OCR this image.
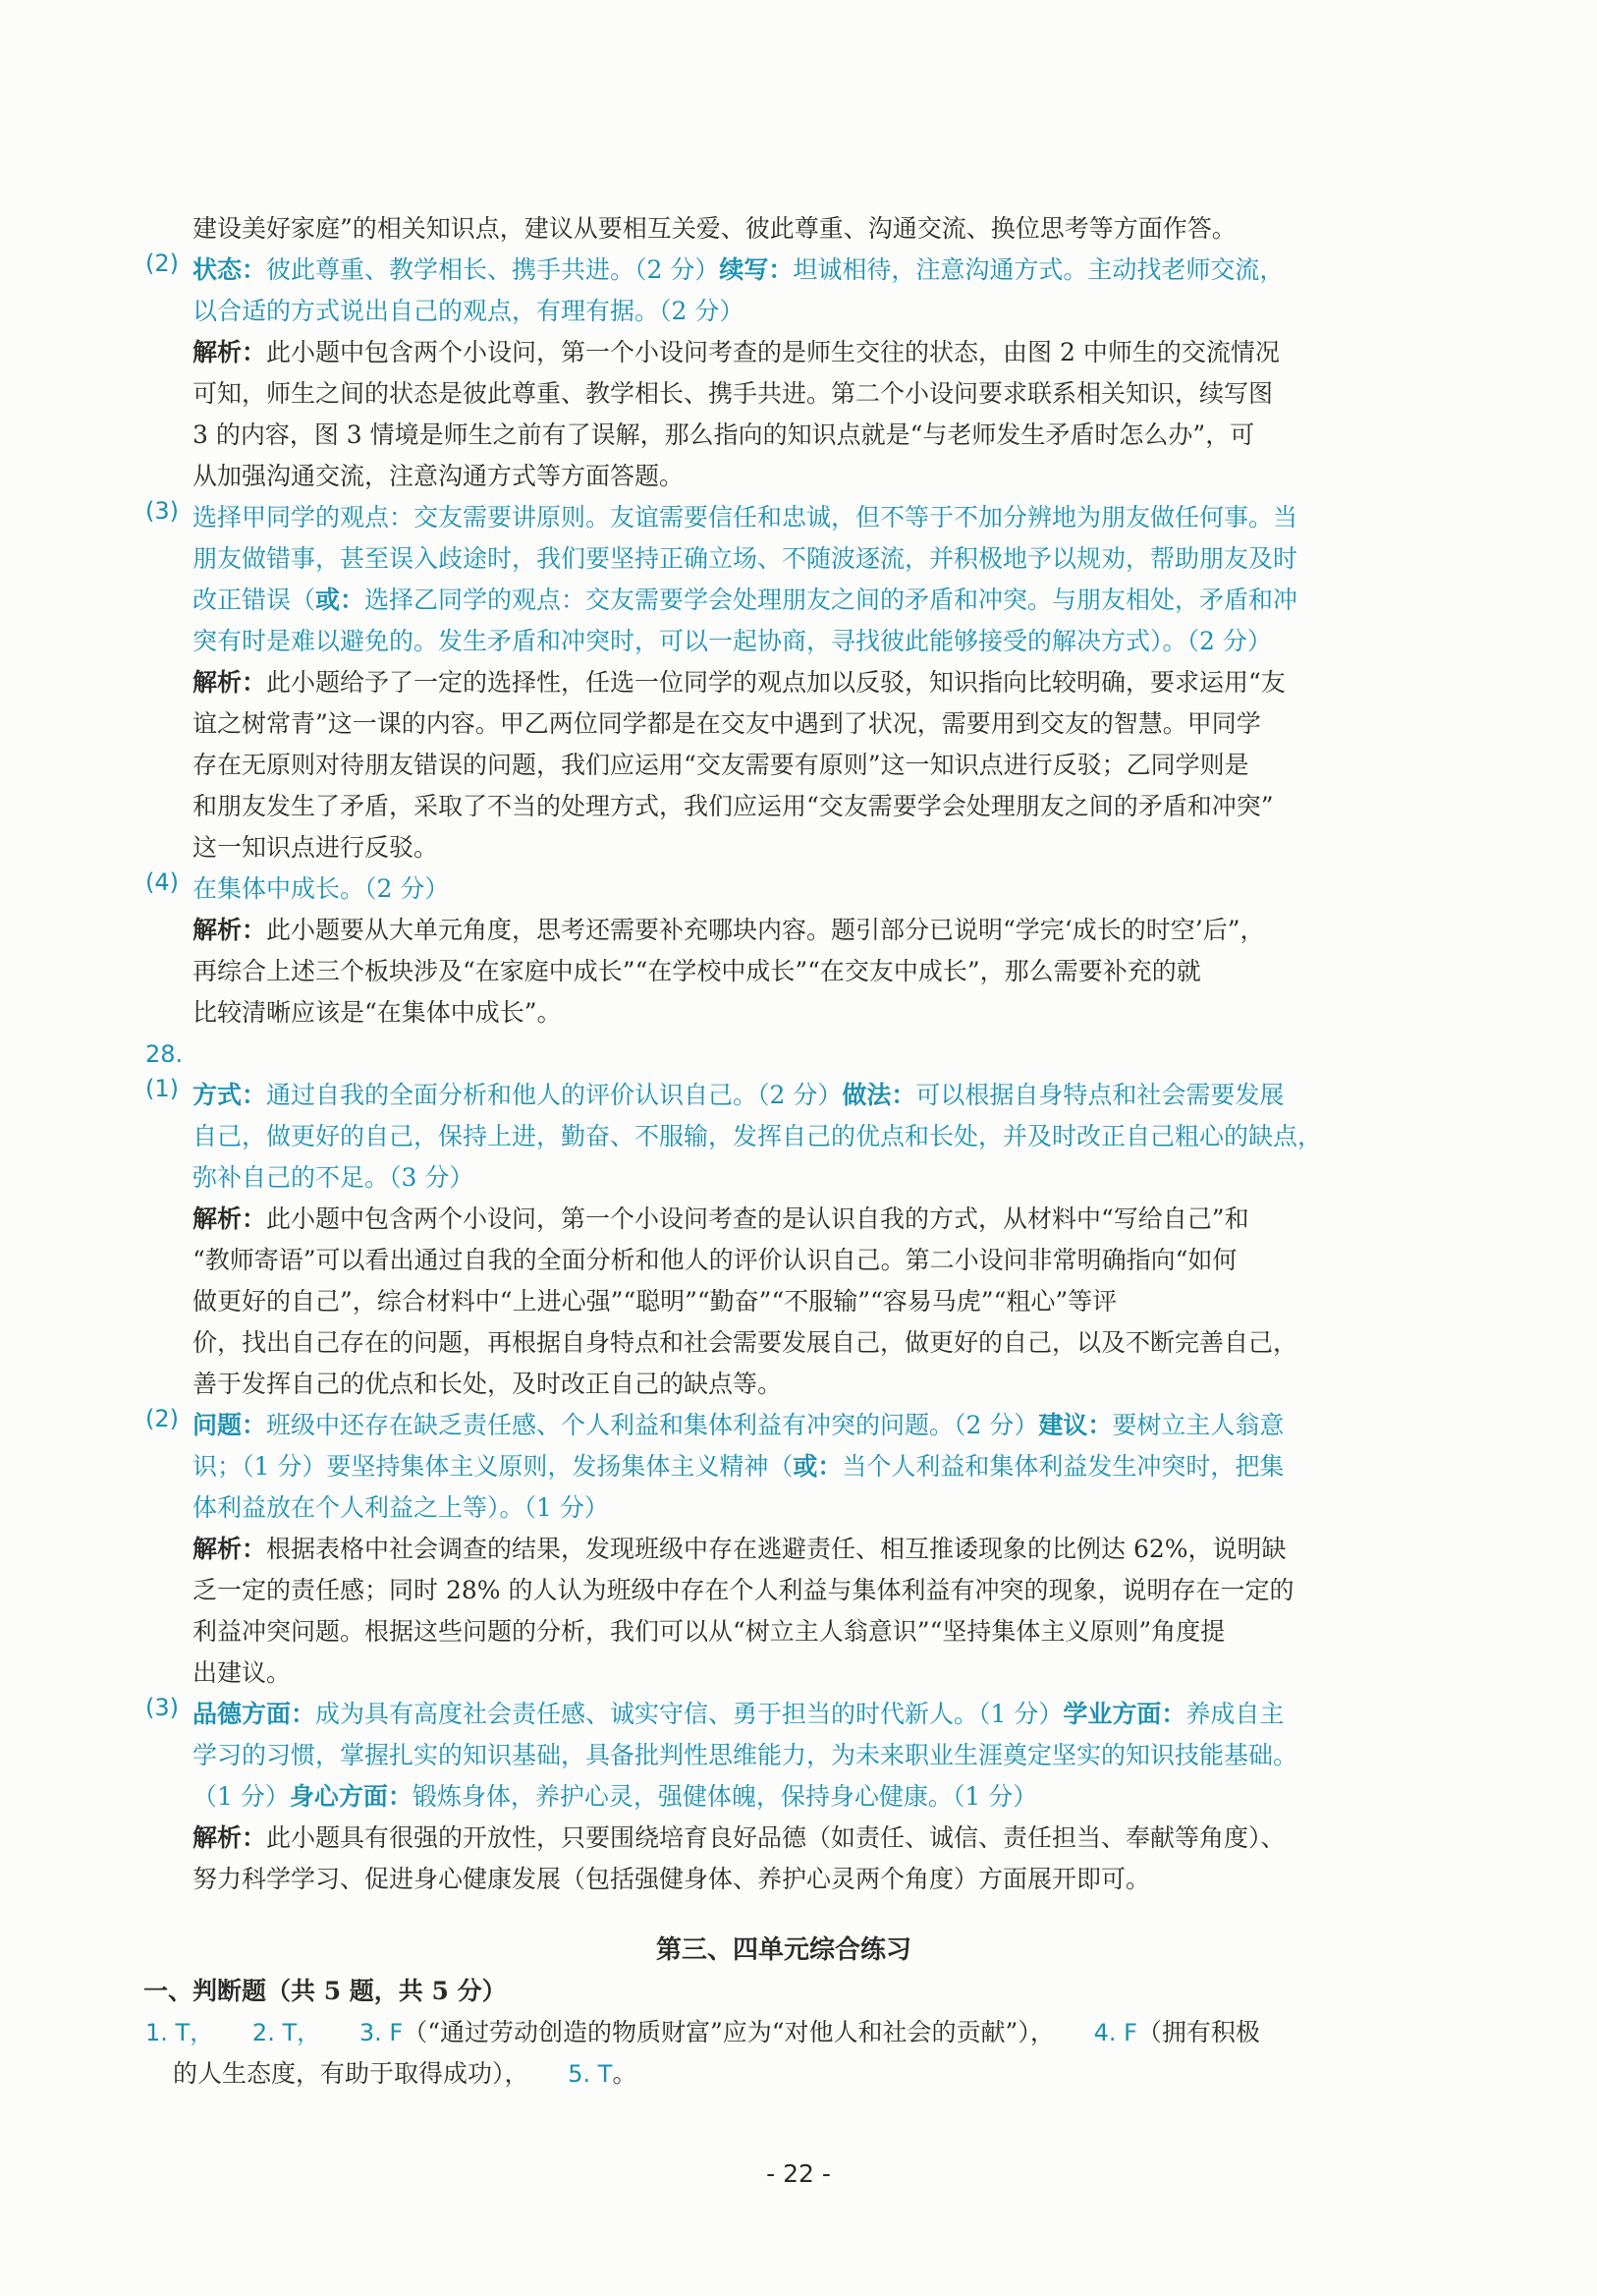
建设美好家庭”的相关知识点，建议从要相互关爱、彼此尊重、沟通交流、换位思考等方面作答。
(2) 状态：彼此尊重、教学相长、携手共进。（2 分）续写：坦诚相待，注意沟通方式。主动找老师交流，
以合适的方式说出自己的观点，有理有据。（2 分）
解析：此小题中包含两个小设问，第一个小设问考查的是师生交往的状态，由图 2 中师生的交流情况
可知，师生之间的状态是彼此尊重、教学相长、携手共进。第二个小设问要求联系相关知识，续写图
3 的内容，图 3 情境是师生之前有了误解，那么指向的知识点就是“与老师发生矛盾时怎么办”，可
从加强沟通交流，注意沟通方式等方面答题。
(3) 选择甲同学的观点：交友需要讲原则。友谊需要信任和忠诚，但不等于不加分辨地为朋友做任何事。当
朋友做错事，甚至误入歧途时，我们要坚持正确立场、不随波逐流，并积极地予以规劝，帮助朋友及时
改正错误（或：选择乙同学的观点：交友需要学会处理朋友之间的矛盾和冲突。与朋友相处，矛盾和冲
突有时是难以避免的。发生矛盾和冲突时，可以一起协商，寻找彼此能够接受的解决方式）。（2 分）
解析：此小题给予了一定的选择性，任选一位同学的观点加以反驳，知识指向比较明确，要求运用“友
谊之树常青”这一课的内容。甲乙两位同学都是在交友中遇到了状况，需要用到交友的智慧。甲同学
存在无原则对待朋友错误的问题，我们应运用“交友需要有原则”这一知识点进行反驳；乙同学则是
和朋友发生了矛盾，采取了不当的处理方式，我们应运用“交友需要学会处理朋友之间的矛盾和冲突”
这一知识点进行反驳。
(4) 在集体中成长。（2 分）
解析：此小题要从大单元角度，思考还需要补充哪块内容。题引部分已说明“学完‘成长的时空’后”，
再综合上述三个板块涉及“在家庭中成长”“在学校中成长”“在交友中成长”，那么需要补充的就
比较清晰应该是“在集体中成长”。
28.
(1) 方式：通过自我的全面分析和他人的评价认识自己。（2 分）做法：可以根据自身特点和社会需要发展
自己，做更好的自己，保持上进，勤奋、不服输，发挥自己的优点和长处，并及时改正自己粗心的缺点，
弥补自己的不足。（3 分）
解析：此小题中包含两个小设问，第一个小设问考查的是认识自我的方式，从材料中“写给自己”和
“教师寄语”可以看出通过自我的全面分析和他人的评价认识自己。第二小设问非常明确指向“如何
做更好的自己”，综合材料中“上进心强”“聪明”“勤奋”“不服输”“容易马虎”“粗心”等评
价，找出自己存在的问题，再根据自身特点和社会需要发展自己，做更好的自己，以及不断完善自己，
善于发挥自己的优点和长处，及时改正自己的缺点等。
(2) 问题：班级中还存在缺乏责任感、个人利益和集体利益有冲突的问题。（2 分）建议：要树立主人翁意
识；（1 分）要坚持集体主义原则，发扬集体主义精神（或：当个人利益和集体利益发生冲突时，把集
体利益放在个人利益之上等）。（1 分）
解析：根据表格中社会调查的结果，发现班级中存在逃避责任、相互推诿现象的比例达 62%，说明缺
乏一定的责任感；同时 28% 的人认为班级中存在个人利益与集体利益有冲突的现象，说明存在一定的
利益冲突问题。根据这些问题的分析，我们可以从“树立主人翁意识”“坚持集体主义原则”角度提
出建议。
(3) 品德方面：成为具有高度社会责任感、诚实守信、勇于担当的时代新人。（1 分）学业方面：养成自主
学习的习惯，掌握扎实的知识基础，具备批判性思维能力，为未来职业生涯奠定坚实的知识技能基础。
（1 分）身心方面：锻炼身体，养护心灵，强健体魄，保持身心健康。（1 分）
解析：此小题具有很强的开放性，只要围绕培育良好品德（如责任、诚信、责任担当、奉献等角度）、
努力科学学习、促进身心健康发展（包括强健身体、养护心灵两个角度）方面展开即可。
第三、四单元综合练习
一、判断题（共 5 题，共 5 分）
1. T， 2. T， 3. F（“通过劳动创造的物质财富”应为“对他人和社会的贡献”）， 4. F（拥有积极
的人生态度，有助于取得成功）， 5. T。
- 22 -
